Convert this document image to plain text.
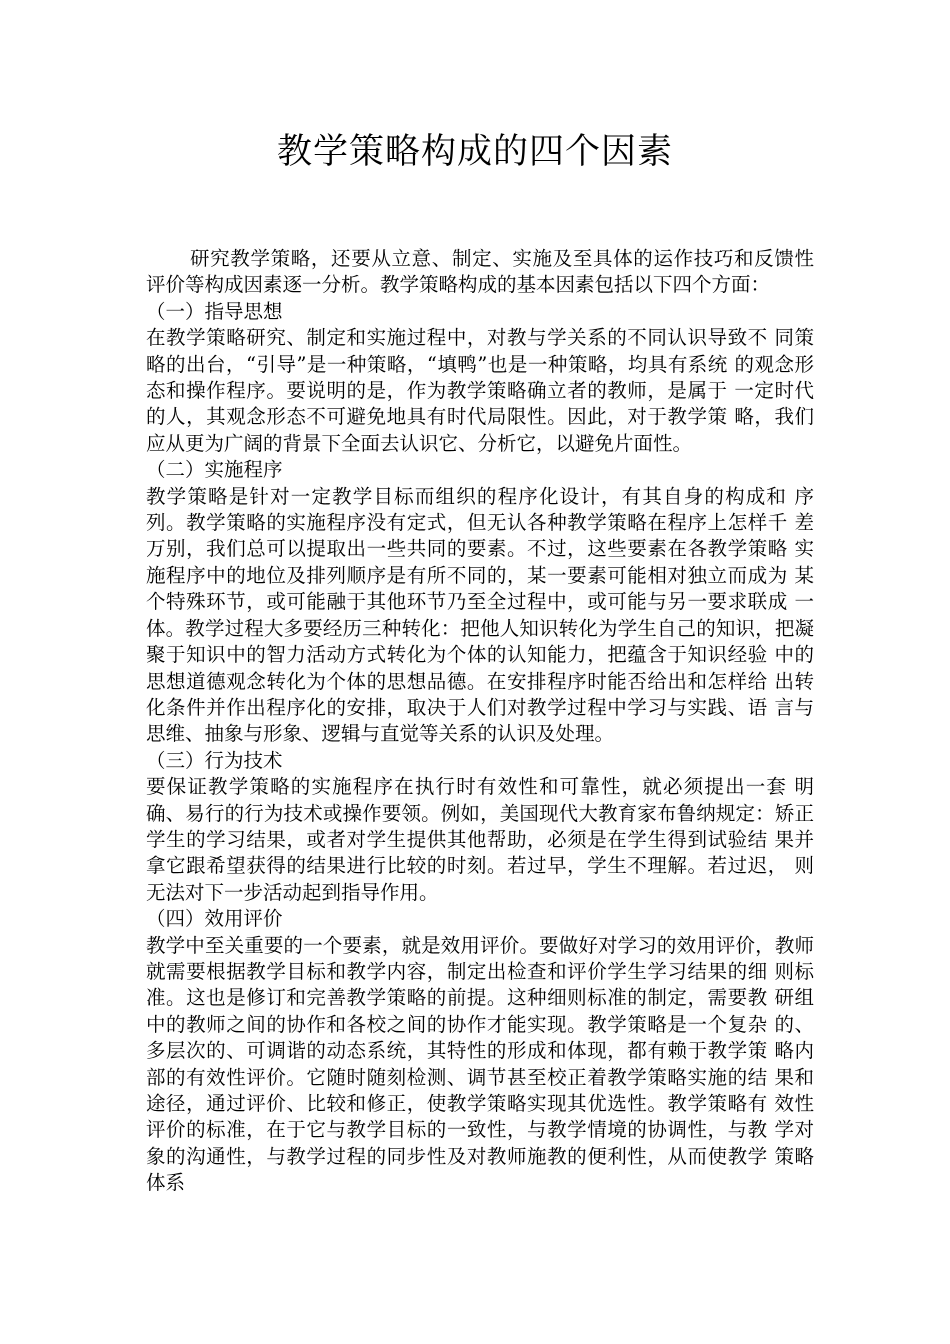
教学策略构成的四个因素

研究教学策略，还要从立意、制定、实施及至具体的运作技巧和反馈性 评价等构成因素逐一分析。教学策略构成的基本因素包括以下四个方面：

（一）指导思想

在教学策略研究、制定和实施过程中，对教与学关系的不同认识导致不 同策略的出台，“引导”是一种策略，“填鸭”也是一种策略，均具有系统 的观念形态和操作程序。要说明的是，作为教学策略确立者的教师，是属于 一定时代的人，其观念形态不可避免地具有时代局限性。因此，对于教学策 略，我们应从更为广阔的背景下全面去认识它、分析它，以避免片面性。

（二）实施程序

教学策略是针对一定教学目标而组织的程序化设计，有其自身的构成和 序列。教学策略的实施程序没有定式，但无认各种教学策略在程序上怎样千 差万别，我们总可以提取出一些共同的要素。不过，这些要素在各教学策略 实施程序中的地位及排列顺序是有所不同的，某一要素可能相对独立而成为 某个特殊环节，或可能融于其他环节乃至全过程中，或可能与另一要求联成 一体。教学过程大多要经历三种转化：把他人知识转化为学生自己的知识，把凝聚于知识中的智力活动方式转化为个体的认知能力，把蕴含于知识经验 中的思想道德观念转化为个体的思想品德。在安排程序时能否给出和怎样给 出转化条件并作出程序化的安排，取决于人们对教学过程中学习与实践、语 言与思维、抽象与形象、逻辑与直觉等关系的认识及处理。

（三）行为技术

要保证教学策略的实施程序在执行时有效性和可靠性，就必须提出一套 明确、易行的行为技术或操作要领。例如，美国现代大教育家布鲁纳规定：矫正学生的学习结果，或者对学生提供其他帮助，必须是在学生得到试验结 果并拿它跟希望获得的结果进行比较的时刻。若过早，学生不理解。若过迟， 则无法对下一步活动起到指导作用。

（四）效用评价

教学中至关重要的一个要素，就是效用评价。要做好对学习的效用评价，教师就需要根据教学目标和教学内容，制定出检查和评价学生学习结果的细 则标准。这也是修订和完善教学策略的前提。这种细则标准的制定，需要教 研组中的教师之间的协作和各校之间的协作才能实现。教学策略是一个复杂 的、多层次的、可调谐的动态系统，其特性的形成和体现，都有赖于教学策 略内部的有效性评价。它随时随刻检测、调节甚至校正着教学策略实施的结 果和途径，通过评价、比较和修正，使教学策略实现其优选性。教学策略有 效性评价的标准，在于它与教学目标的一致性，与教学情境的协调性，与教 学对象的沟通性，与教学过程的同步性及对教师施教的便利性，从而使教学 策略体系
